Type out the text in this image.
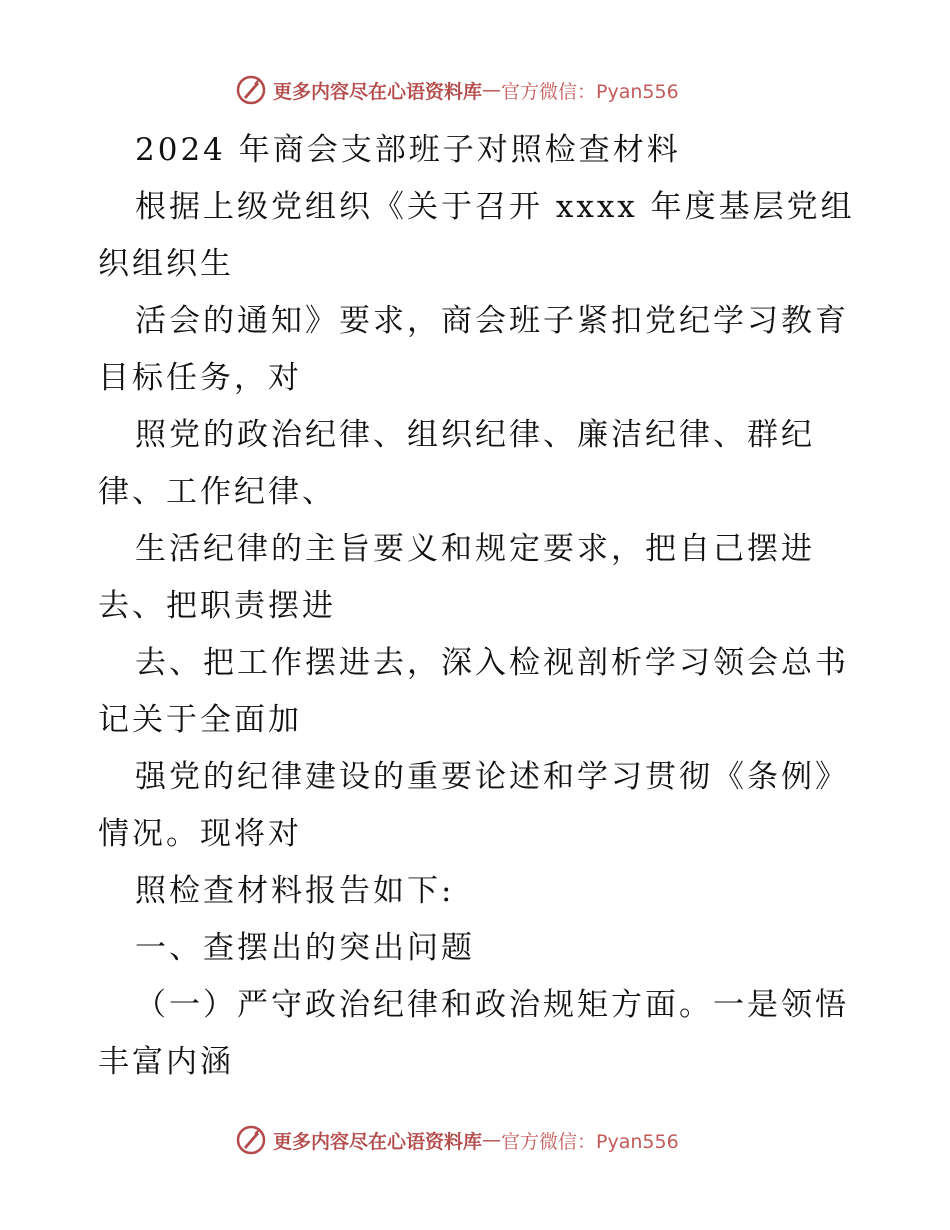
更多内容尽在心语资料库 — 官方微信：Pyan556
2024 年商会支部班子对照检查材料
根据上级党组织《关于召开 xxxx 年度基层党组
织组织生
活会的通知》要求，商会班子紧扣党纪学习教育
目标任务，对
照党的政治纪律、组织纪律、廉洁纪律、群纪
律、工作纪律、
生活纪律的主旨要义和规定要求，把自己摆进
去、把职责摆进
去、把工作摆进去，深入检视剖析学习领会总书
记关于全面加
强党的纪律建设的重要论述和学习贯彻《条例》
情况。现将对
照检查材料报告如下:
一、查摆出的突出问题
（一）严守政治纪律和政治规矩方面。一是领悟
丰富内涵
更多内容尽在心语资料库 — 官方微信：Pyan556
